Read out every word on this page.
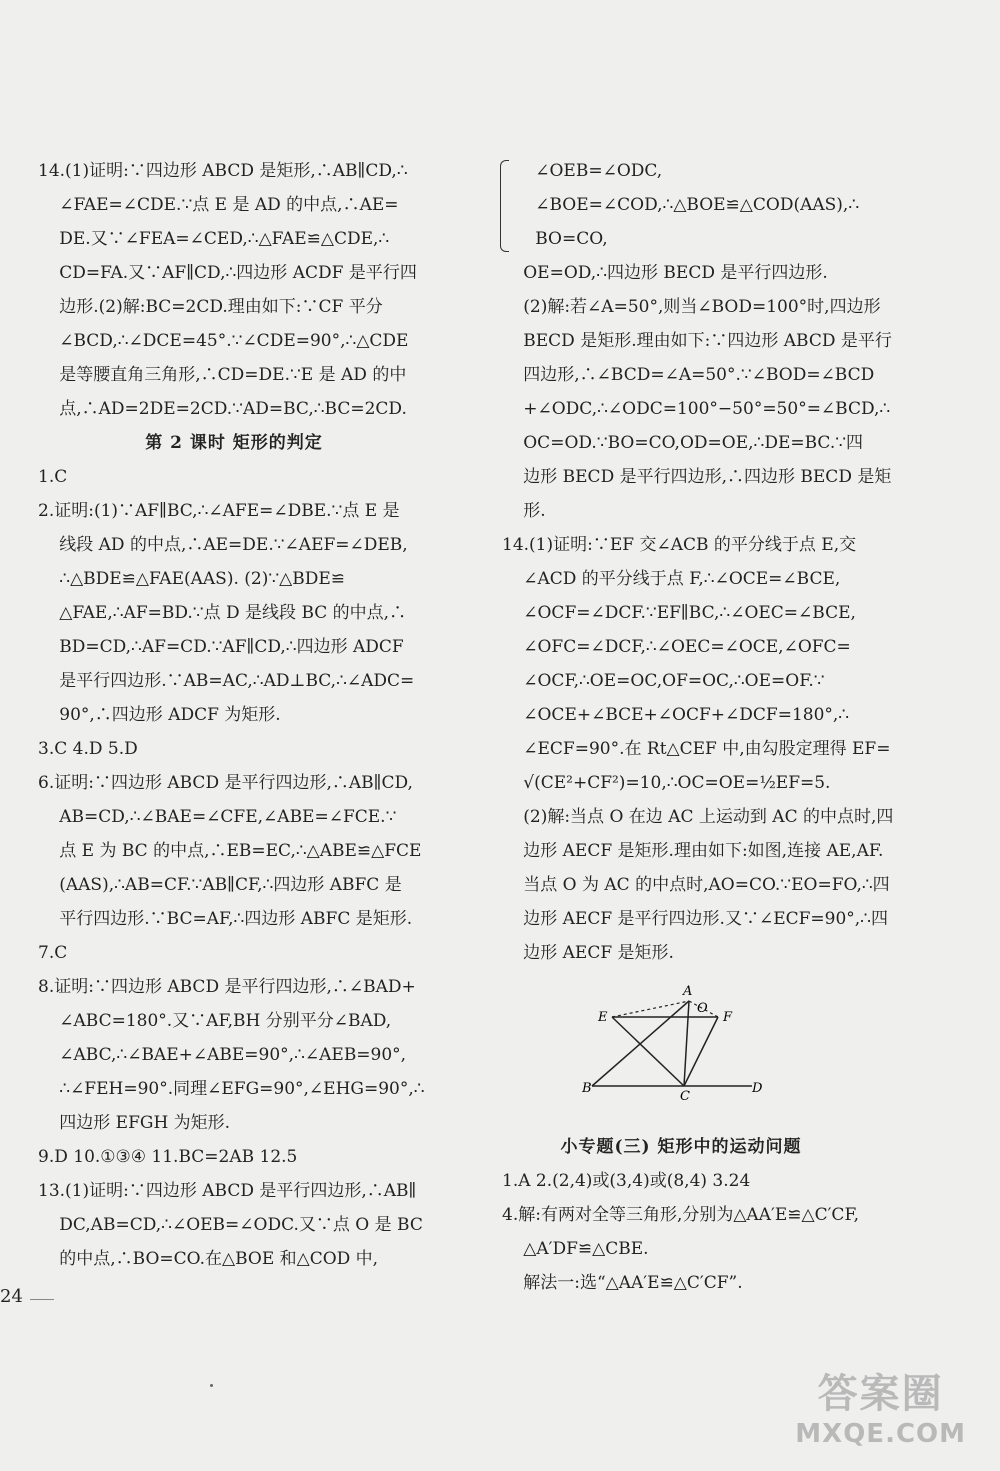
14.(1)证明:∵四边形 ABCD 是矩形,∴AB∥CD,∴
∠FAE=∠CDE.∵点 E 是 AD 的中点,∴AE=
DE.又∵∠FEA=∠CED,∴△FAE≌△CDE,∴
CD=FA.又∵AF∥CD,∴四边形 ACDF 是平行四
边形.(2)解:BC=2CD.理由如下:∵CF 平分
∠BCD,∴∠DCE=45°.∵∠CDE=90°,∴△CDE
是等腰直角三角形,∴CD=DE.∵E 是 AD 的中
点,∴AD=2DE=2CD.∵AD=BC,∴BC=2CD.
第 2 课时 矩形的判定
1.C
2.证明:(1)∵AF∥BC,∴∠AFE=∠DBE.∵点 E 是
线段 AD 的中点,∴AE=DE.∵∠AEF=∠DEB,
∴△BDE≌△FAE(AAS). (2)∵△BDE≌
△FAE,∴AF=BD.∵点 D 是线段 BC 的中点,∴
BD=CD,∴AF=CD.∵AF∥CD,∴四边形 ADCF
是平行四边形.∵AB=AC,∴AD⊥BC,∴∠ADC=
90°,∴四边形 ADCF 为矩形.
3.C 4.D 5.D
6.证明:∵四边形 ABCD 是平行四边形,∴AB∥CD,
AB=CD,∴∠BAE=∠CFE,∠ABE=∠FCE.∵
点 E 为 BC 的中点,∴EB=EC,∴△ABE≌△FCE
(AAS),∴AB=CF.∵AB∥CF,∴四边形 ABFC 是
平行四边形.∵BC=AF,∴四边形 ABFC 是矩形.
7.C
8.证明:∵四边形 ABCD 是平行四边形,∴∠BAD+
∠ABC=180°.又∵AF,BH 分别平分∠BAD,
∠ABC,∴∠BAE+∠ABE=90°,∴∠AEB=90°,
∴∠FEH=90°.同理∠EFG=90°,∠EHG=90°,∴
四边形 EFGH 为矩形.
9.D 10.①③④ 11.BC=2AB 12.5
13.(1)证明:∵四边形 ABCD 是平行四边形,∴AB∥
DC,AB=CD,∴∠OEB=∠ODC.又∵点 O 是 BC
的中点,∴BO=CO.在△BOE 和△COD 中,
∠OEB=∠ODC,
∠BOE=∠COD,∴△BOE≌△COD(AAS),∴
BO=CO,
OE=OD,∴四边形 BECD 是平行四边形.
(2)解:若∠A=50°,则当∠BOD=100°时,四边形
BECD 是矩形.理由如下:∵四边形 ABCD 是平行
四边形,∴∠BCD=∠A=50°.∵∠BOD=∠BCD
+∠ODC,∴∠ODC=100°−50°=50°=∠BCD,∴
OC=OD.∵BO=CO,OD=OE,∴DE=BC.∵四
边形 BECD 是平行四边形,∴四边形 BECD 是矩
形.
14.(1)证明:∵EF 交∠ACB 的平分线于点 E,交
∠ACD 的平分线于点 F,∴∠OCE=∠BCE,
∠OCF=∠DCF.∵EF∥BC,∴∠OEC=∠BCE,
∠OFC=∠DCF,∴∠OEC=∠OCE,∠OFC=
∠OCF,∴OE=OC,OF=OC,∴OE=OF.∵
∠OCE+∠BCE+∠OCF+∠DCF=180°,∴
∠ECF=90°.在 Rt△CEF 中,由勾股定理得 EF=
√(CE²+CF²)=10,∴OC=OE=½EF=5.
(2)解:当点 O 在边 AC 上运动到 AC 的中点时,四
边形 AECF 是矩形.理由如下:如图,连接 AE,AF.
当点 O 为 AC 的中点时,AO=CO.∵EO=FO,∴四
边形 AECF 是平行四边形.又∵∠ECF=90°,∴四
边形 AECF 是矩形.
A
O
E	F
B
C
D
小专题(三) 矩形中的运动问题
1.A 2.(2,4)或(3,4)或(8,4) 3.24
4.解:有两对全等三角形,分别为△AA′E≌△C′CF,
△A′DF≌△CBE.
解法一:选“△AA′E≌△C′CF”.
24
答案圈
MXQE.COM
